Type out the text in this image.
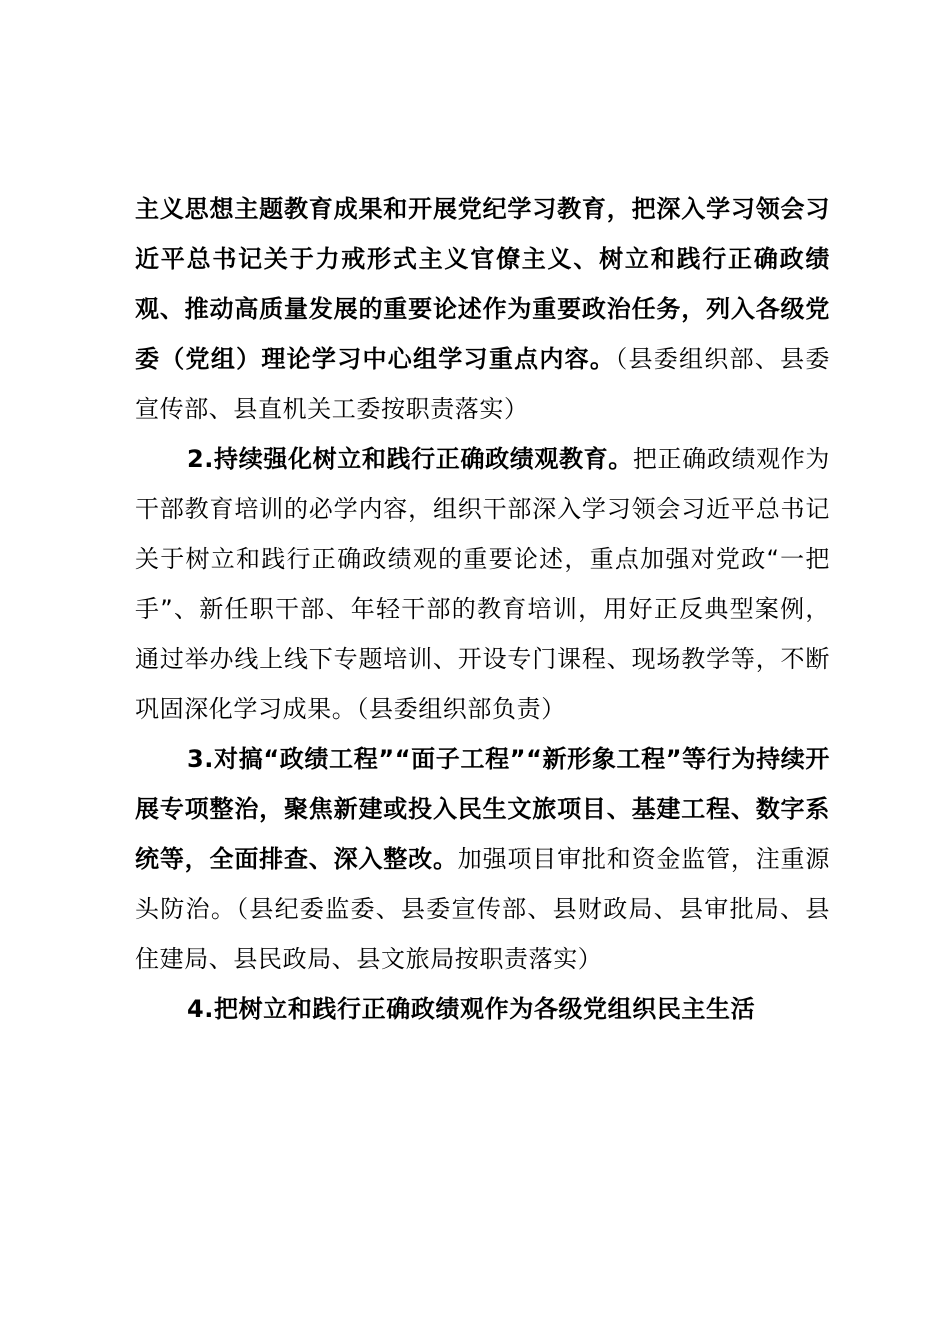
主义思想主题教育成果和开展党纪学习教育，把深入学习领会习近平总书记关于力戒形式主义官僚主义、树立和践行正确政绩观、推动高质量发展的重要论述作为重要政治任务，列入各级党委（党组）理论学习中心组学习重点内容。（县委组织部、县委宣传部、县直机关工委按职责落实）

2.持续强化树立和践行正确政绩观教育。把正确政绩观作为干部教育培训的必学内容，组织干部深入学习领会习近平总书记关于树立和践行正确政绩观的重要论述，重点加强对党政“一把手”、新任职干部、年轻干部的教育培训，用好正反典型案例，通过举办线上线下专题培训、开设专门课程、现场教学等，不断巩固深化学习成果。（县委组织部负责）

3.对搞“政绩工程”“面子工程”“新形象工程”等行为持续开展专项整治，聚焦新建或投入民生文旅项目、基建工程、数字系统等，全面排查、深入整改。加强项目审批和资金监管，注重源头防治。（县纪委监委、县委宣传部、县财政局、县审批局、县住建局、县民政局、县文旅局按职责落实）

4.把树立和践行正确政绩观作为各级党组织民主生活
